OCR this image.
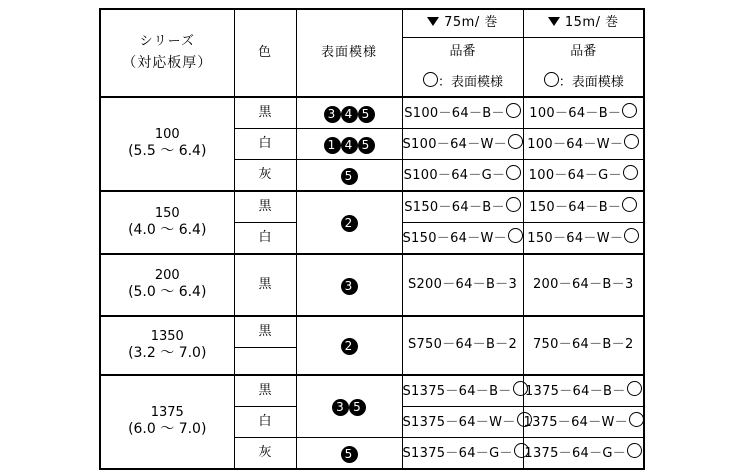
シリーズ
（対応板厚）	色	表面模様	75m/ 巻	15m/ 巻
			品番	品番
			：表面模様	：表面模様

100
(5.5 ～ 6.4)	黒	3 4 5	S100－64－B－	100－64－B－
	白	1 4 5	S100－64－W－	100－64－W－
	灰	5	S100－64－G－	100－64－G－

150
(4.0 ～ 6.4)	黒	2	S150－64－B－	150－64－B－
	白		S150－64－W－	150－64－W－

200
(5.0 ～ 6.4)	黒	3	S200－64－B－3	200－64－B－3

1350
(3.2 ～ 7.0)	黒	2	S750－64－B－2	750－64－B－2

1375
(6.0 ～ 7.0)	黒	3 5	S1375－64－B－	1375－64－B－
	白		S1375－64－W－	1375－64－W－
	灰	5	S1375－64－G－	1375－64－G－
